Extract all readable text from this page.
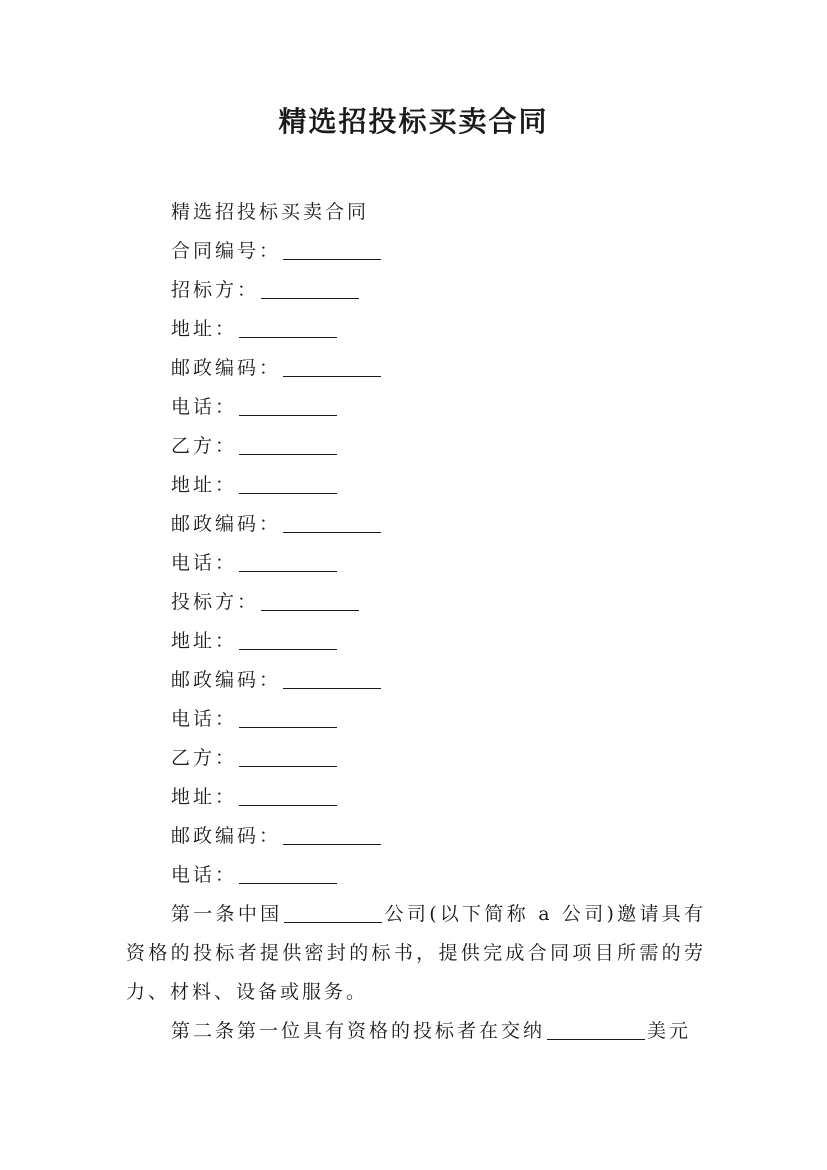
精选招投标买卖合同

精选招投标买卖合同

合同编号：

招标方：

地址：

邮政编码：

电话：

乙方：

地址：

邮政编码：

电话：

投标方：

地址：

邮政编码：

电话：

乙方：

地址：

邮政编码：

电话：

第一条中国	公司(以下简称 a 公司)邀请具有资格的投标者提供密封的标书，提供完成合同项目所需的劳力、材料、设备或服务。

第二条第一位具有资格的投标者在交纳	美元
